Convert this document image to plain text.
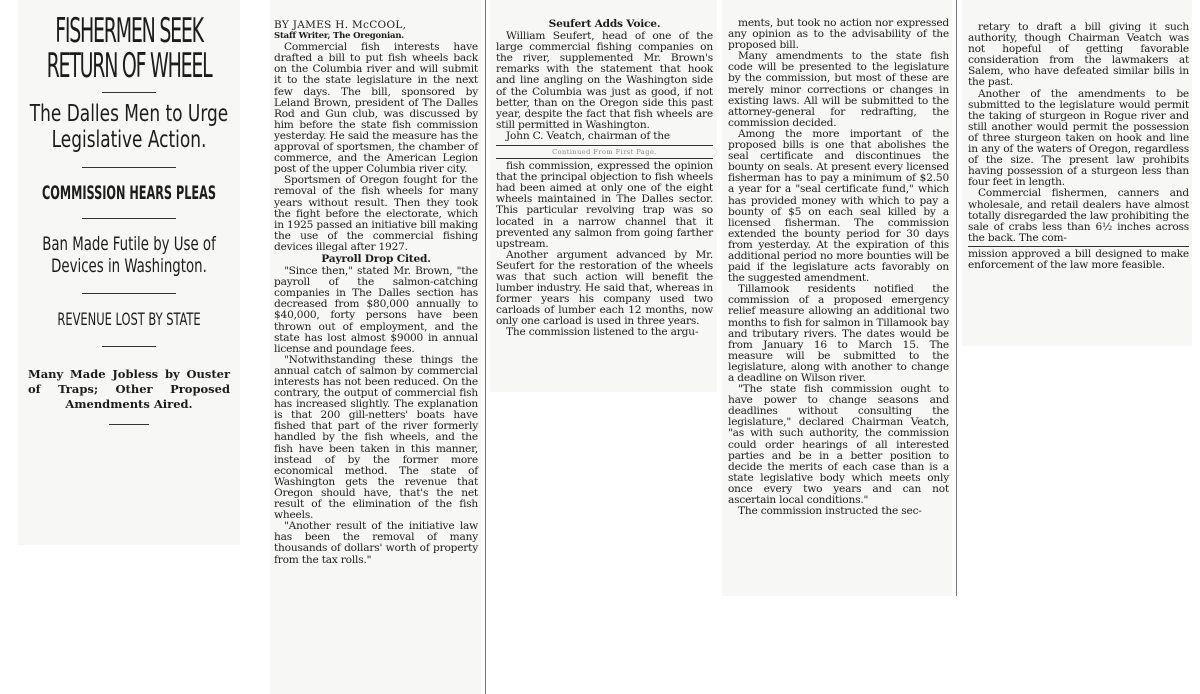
FISHERMEN SEEK
RETURN OF WHEEL
The Dalles Men to Urge Legislative Action.
COMMISSION HEARS PLEAS
Ban Made Futile by Use of Devices in Washington.
REVENUE LOST BY STATE
Many Made Jobless by Ouster of Traps; Other Proposed Amendments Aired.

BY JAMES H. McCOOL,

Staff Writer, The Oregonian.

Commercial fish interests have drafted a bill to put fish wheels back on the Columbia river and will submit it to the state legislature in the next few days. The bill, sponsored by Leland Brown, president of The Dalles Rod and Gun club, was discussed by him before the state fish commission yesterday. He said the measure has the approval of sportsmen, the chamber of commerce, and the American Legion post of the upper Columbia river city.

Sportsmen of Oregon fought for the removal of the fish wheels for many years without result. Then they took the fight before the electorate, which in 1925 passed an initiative bill making the use of the commercial fishing devices illegal after 1927.

Payroll Drop Cited.

"Since then," stated Mr. Brown, "the payroll of the salmon-catching companies in The Dalles section has decreased from $80,000 annually to $40,000, forty persons have been thrown out of employment, and the state has lost almost $9000 in annual license and poundage fees.

"Notwithstanding these things the annual catch of salmon by commercial interests has not been reduced. On the contrary, the output of commercial fish has increased slightly. The explanation is that 200 gill-netters' boats have fished that part of the river formerly handled by the fish wheels, and the fish have been taken in this manner, instead of by the former more economical method. The state of Washington gets the revenue that Oregon should have, that's the net result of the elimination of the fish wheels.

"Another result of the initiative law has been the removal of many thousands of dollars' worth of property from the tax rolls."

Seufert Adds Voice.

William Seufert, head of one of the large commercial fishing companies on the river, supplemented Mr. Brown's remarks with the statement that hook and line angling on the Washington side of the Columbia was just as good, if not better, than on the Oregon side this past year, despite the fact that fish wheels are still permitted in Washington.

John C. Veatch, chairman of the

Continued From First Page.

fish commission, expressed the opinion that the principal objection to fish wheels had been aimed at only one of the eight wheels maintained in The Dalles sector. This particular revolving trap was so located in a narrow channel that it prevented any salmon from going farther upstream.

Another argument advanced by Mr. Seufert for the restoration of the wheels was that such action will benefit the lumber industry. He said that, whereas in former years his company used two carloads of lumber each 12 months, now only one carload is used in three years.

The commission listened to the argu-

ments, but took no action nor expressed any opinion as to the advisability of the proposed bill.

Many amendments to the state fish code will be presented to the legislature by the commission, but most of these are merely minor corrections or changes in existing laws. All will be submitted to the attorney-general for redrafting, the commission decided.

Among the more important of the proposed bills is one that abolishes the seal certificate and discontinues the bounty on seals. At present every licensed fisherman has to pay a minimum of $2.50 a year for a "seal certificate fund," which has provided money with which to pay a bounty of $5 on each seal killed by a licensed fisherman. The commission extended the bounty period for 30 days from yesterday. At the expiration of this additional period no more bounties will be paid if the legislature acts favorably on the suggested amendment.

Tillamook residents notified the commission of a proposed emergency relief measure allowing an additional two months to fish for salmon in Tillamook bay and tributary rivers. The dates would be from January 16 to March 15. The measure will be submitted to the legislature, along with another to change a deadline on Wilson river.

"The state fish commission ought to have power to change seasons and deadlines without consulting the legislature," declared Chairman Veatch, "as with such authority, the commission could order hearings of all interested parties and be in a better position to decide the merits of each case than is a state legislative body which meets only once every two years and can not ascertain local conditions."

The commission instructed the sec-

retary to draft a bill giving it such authority, though Chairman Veatch was not hopeful of getting favorable consideration from the lawmakers at Salem, who have defeated similar bills in the past.

Another of the amendments to be submitted to the legislature would permit the taking of sturgeon in Rogue river and still another would permit the possession of three sturgeon taken on hook and line in any of the waters of Oregon, regardless of the size. The present law prohibits having possession of a sturgeon less than four feet in length.

Commercial fishermen, canners and wholesale, and retail dealers have almost totally disregarded the law prohibiting the sale of crabs less than 6½ inches across the back. The com-

mission approved a bill designed to make enforcement of the law more feasible.
